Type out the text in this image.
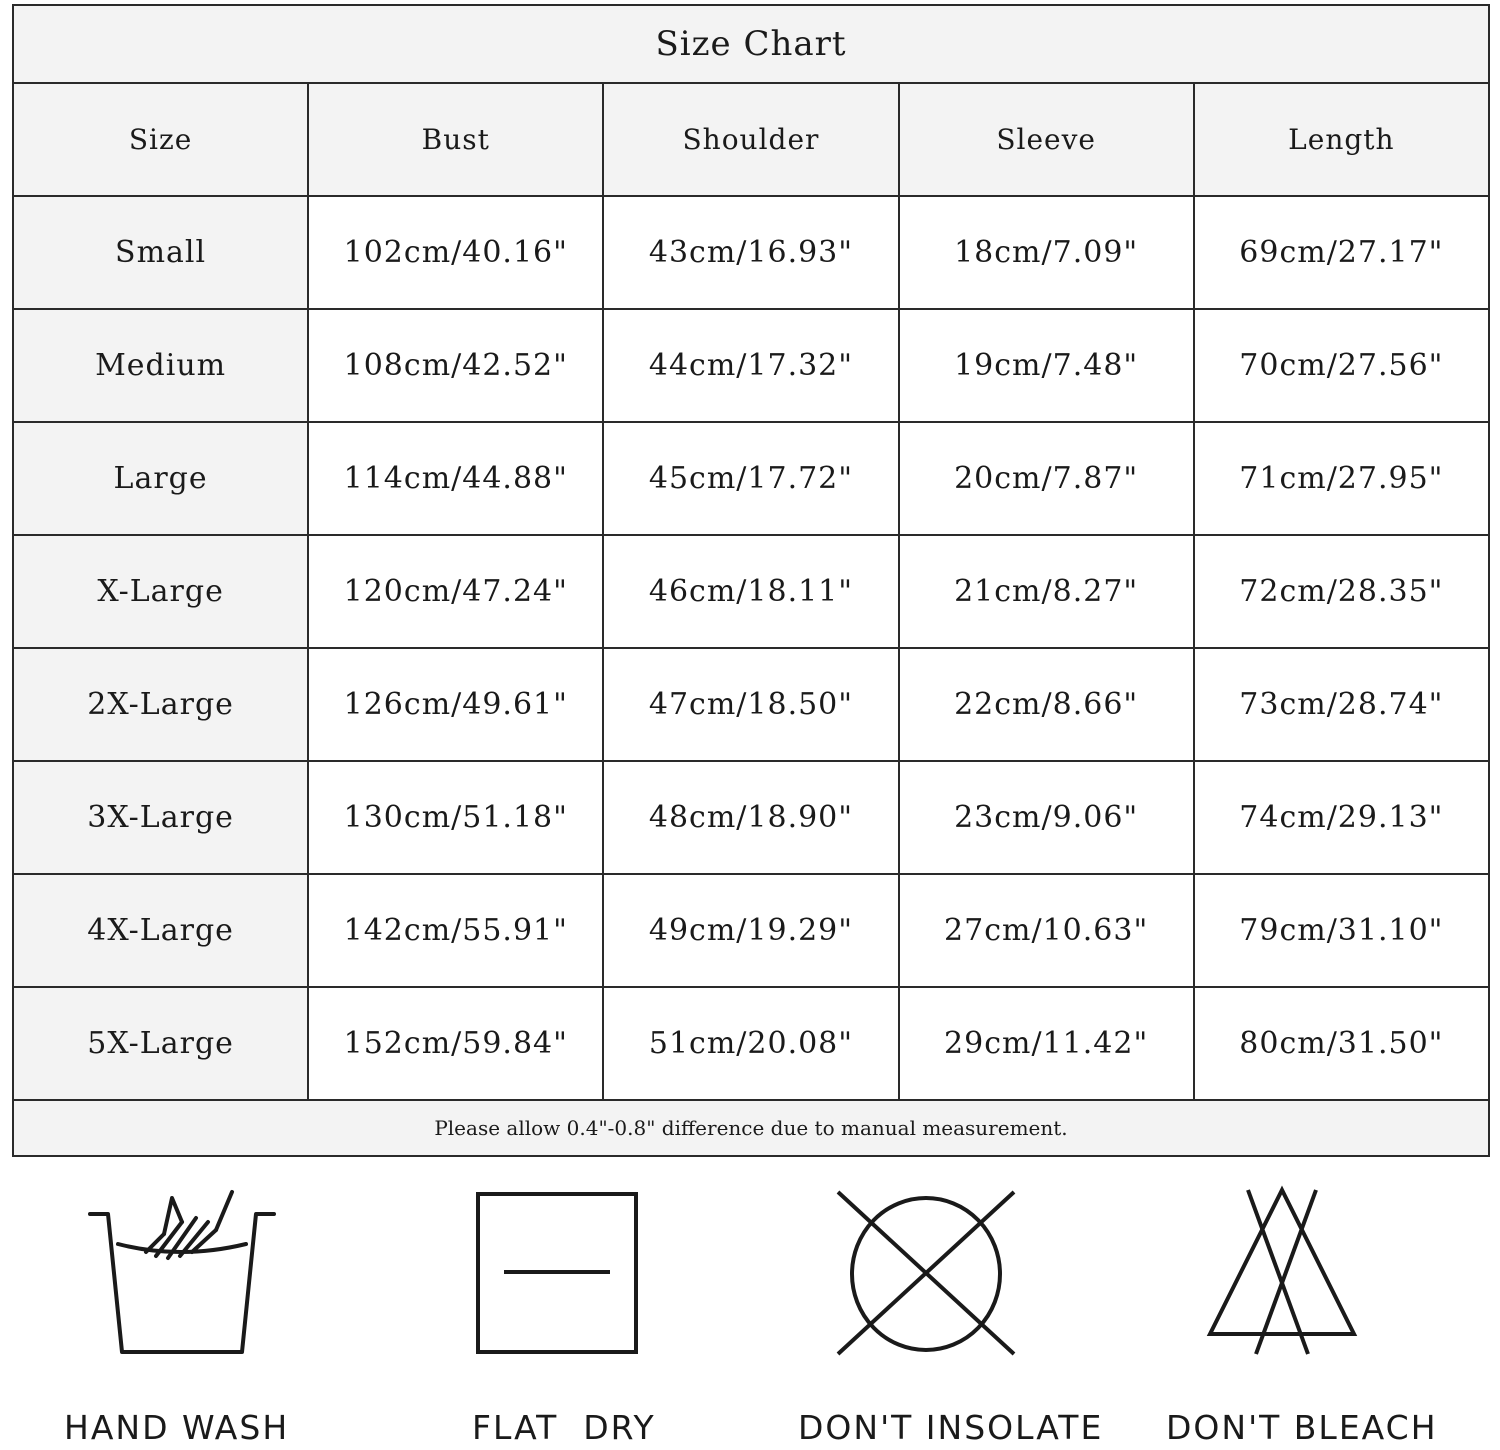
Size Chart				
Size	Bust	Shoulder	Sleeve	Length
Small	102cm/40.16"	43cm/16.93"	18cm/7.09"	69cm/27.17"
Medium	108cm/42.52"	44cm/17.32"	19cm/7.48"	70cm/27.56"
Large	114cm/44.88"	45cm/17.72"	20cm/7.87"	71cm/27.95"
X-Large	120cm/47.24"	46cm/18.11"	21cm/8.27"	72cm/28.35"
2X-Large	126cm/49.61"	47cm/18.50"	22cm/8.66"	73cm/28.74"
3X-Large	130cm/51.18"	48cm/18.90"	23cm/9.06"	74cm/29.13"
4X-Large	142cm/55.91"	49cm/19.29"	27cm/10.63"	79cm/31.10"
5X-Large	152cm/59.84"	51cm/20.08"	29cm/11.42"	80cm/31.50"
Please allow 0.4"-0.8" difference due to manual measurement.				
HAND WASH	FLAT  DRY	DON'T INSOLATE	DON'T BLEACH
